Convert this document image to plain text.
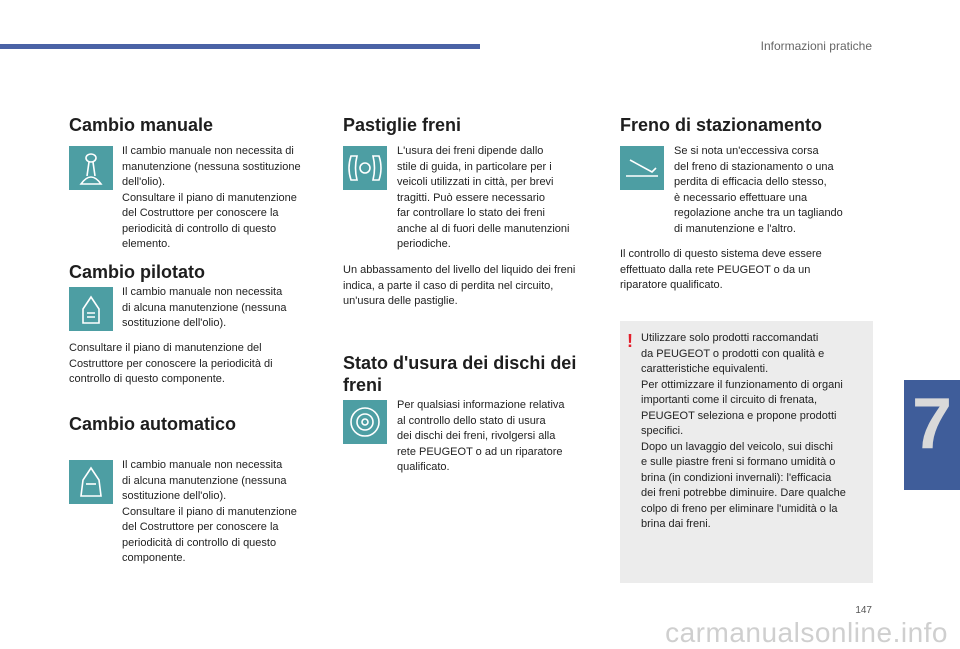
Informazioni pratiche
7
Cambio manuale

Il cambio manuale non necessita di
manutenzione (nessuna sostituzione
dell'olio).
Consultare il piano di manutenzione
del Costruttore per conoscere la
periodicità di controllo di questo
elemento.

Cambio pilotato

Il cambio manuale non necessita
di alcuna manutenzione (nessuna
sostituzione dell'olio).

Consultare il piano di manutenzione del
Costruttore per conoscere la periodicità di
controllo di questo componente.

Cambio automatico

Il cambio manuale non necessita
di alcuna manutenzione (nessuna
sostituzione dell'olio).
Consultare il piano di manutenzione
del Costruttore per conoscere la
periodicità di controllo di questo
componente.

Pastiglie freni

L'usura dei freni dipende dallo
stile di guida, in particolare per i
veicoli utilizzati in città, per brevi
tragitti. Può essere necessario
far controllare lo stato dei freni
anche al di fuori delle manutenzioni
periodiche.

Un abbassamento del livello del liquido dei freni
indica, a parte il caso di perdita nel circuito,
un'usura delle pastiglie.

Stato d'usura dei dischi dei
freni

Per qualsiasi informazione relativa
al controllo dello stato di usura
dei dischi dei freni, rivolgersi alla
rete PEUGEOT o ad un riparatore
qualificato.

Freno di stazionamento

Se si nota un'eccessiva corsa
del freno di stazionamento o una
perdita di efficacia dello stesso,
è necessario effettuare una
regolazione anche tra un tagliando
di manutenzione e l'altro.

Il controllo di questo sistema deve essere
effettuato dalla rete PEUGEOT o da un
riparatore qualificato.

! Utilizzare solo prodotti raccomandati
da PEUGEOT o prodotti con qualità e
caratteristiche equivalenti.
Per ottimizzare il funzionamento di organi
importanti come il circuito di frenata,
PEUGEOT seleziona e propone prodotti
specifici.
Dopo un lavaggio del veicolo, sui dischi
e sulle piastre freni si formano umidità o
brina (in condizioni invernali): l'efficacia
dei freni potrebbe diminuire. Dare qualche
colpo di freno per eliminare l'umidità o la
brina dai freni.

147
carmanualsonline.info
